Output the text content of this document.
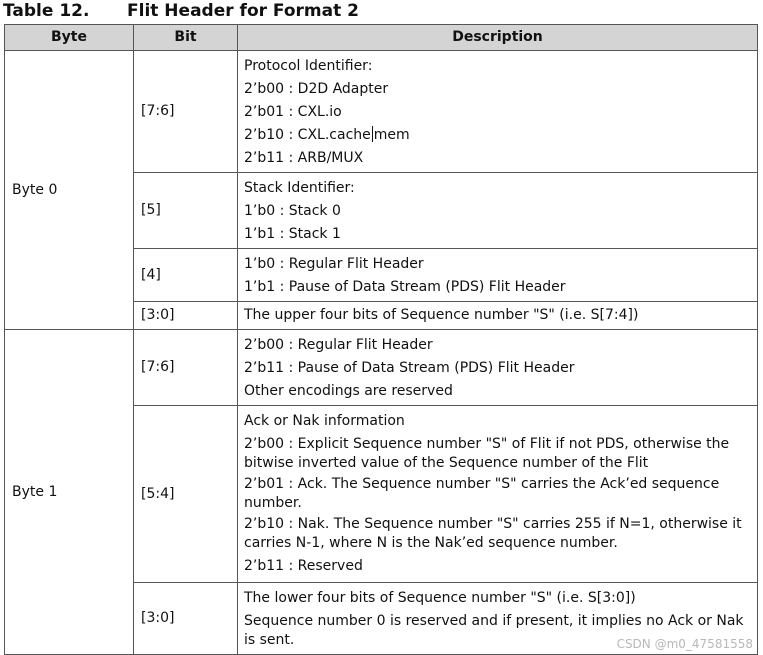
Table 12. Flit Header for Format 2
Byte	Bit	Description
Byte 0	[7:6]	Protocol Identifier:
2’b00 : D2D Adapter
2’b01 : CXL.io
2’b10 : CXL.cache mem
2’b11 : ARB/MUX

	[5]	Stack Identifier:
1’b0 : Stack 0
1’b1 : Stack 1

	[4]	1’b0 : Regular Flit Header
1’b1 : Pause of Data Stream (PDS) Flit Header

	[3:0]	The upper four bits of Sequence number "S" (i.e. S[7:4])

Byte 1	[7:6]	2’b00 : Regular Flit Header
2’b11 : Pause of Data Stream (PDS) Flit Header
Other encodings are reserved

	[5:4]	Ack or Nak information
2’b00 : Explicit Sequence number "S" of Flit if not PDS, otherwise the bitwise inverted value of the Sequence number of the Flit
2’b01 : Ack. The Sequence number "S" carries the Ack’ed sequence number.
2’b10 : Nak. The Sequence number "S" carries 255 if N=1, otherwise it carries N-1, where N is the Nak’ed sequence number.
2’b11 : Reserved

	[3:0]	The lower four bits of Sequence number "S" (i.e. S[3:0])
Sequence number 0 is reserved and if present, it implies no Ack or Nak is sent.	CSDN @m0_47581558
